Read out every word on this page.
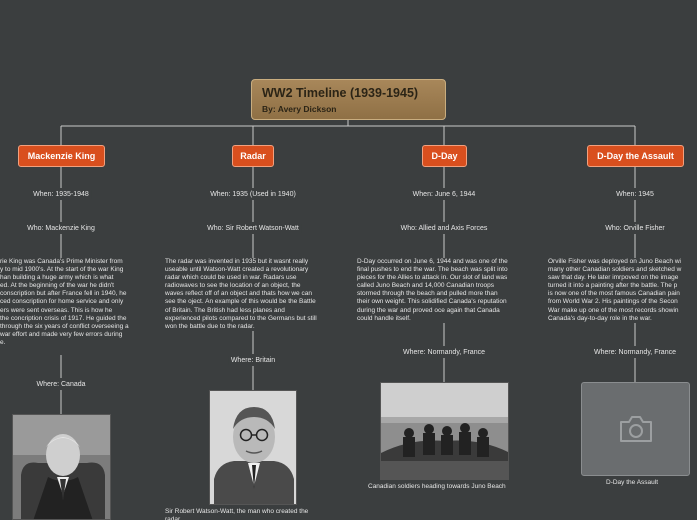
WW2 Timeline (1939-1945)
By: Avery Dickson
Mackenzie King
When: 1935-1948
Who: Mackenzie King
rie King was Canada's Prime Minister from
y to mid 1900's. At the start of the war King
han building a huge army which is what
ed. At the beginning of the war he didn't
conscription but after France fell in 1940, he
ced conscription for home service and only
ers were sent overseas. This is how he
the concription crisis of 1917. He guided the
through the six years of conflict overseeing a
war effort and made very few errors during
e.
Where: Canada
Radar
When: 1935 (Used in 1940)
Who: Sir Robert Watson-Watt
The radar was invented in 1935 but it wasnt really
useable until Watson-Watt created a revolutionary
radar which could be used in war. Radars use
radiowaves to see the location of an object, the
waves reflect off of an object and thats how we can
see the oject. An example of this would be the Battle
of Britain. The British had less planes and
experienced pilots compared to the Germans but still
won the battle due to the radar.
Where: Britain
Sir Robert Watson-Watt, the man who created the
radar
D-Day
When: June 6, 1944
Who: Allied and Axis Forces
D-Day occurred on June 6, 1944 and was one of the
final pushes to end the war. The beach was split into
pieces for the Allies to attack in. Our slot of land was
called Juno Beach and 14,000 Canadian troops
stormed through the beach and pulled more than
their own weight. This solidified Canada's reputation
during the war and proved oce again that Canada
could handle itself.
Where: Normandy, France
Canadian soldiers heading towards Juno Beach
D-Day the Assault
When: 1945
Who: Orville Fisher
Orville Fisher was deployed on Juno Beach wi
many other Canadian soldiers and sketched w
saw that day. He later imrpoved on the image
turned it into a painting after the battle. The p
is now one of the most famous Canadian pain
from World War 2. His paintings of the Secon
War make up one of the most records showin
Canada's day-to-day role in the war.
Where: Normandy, France
D-Day the Assault
